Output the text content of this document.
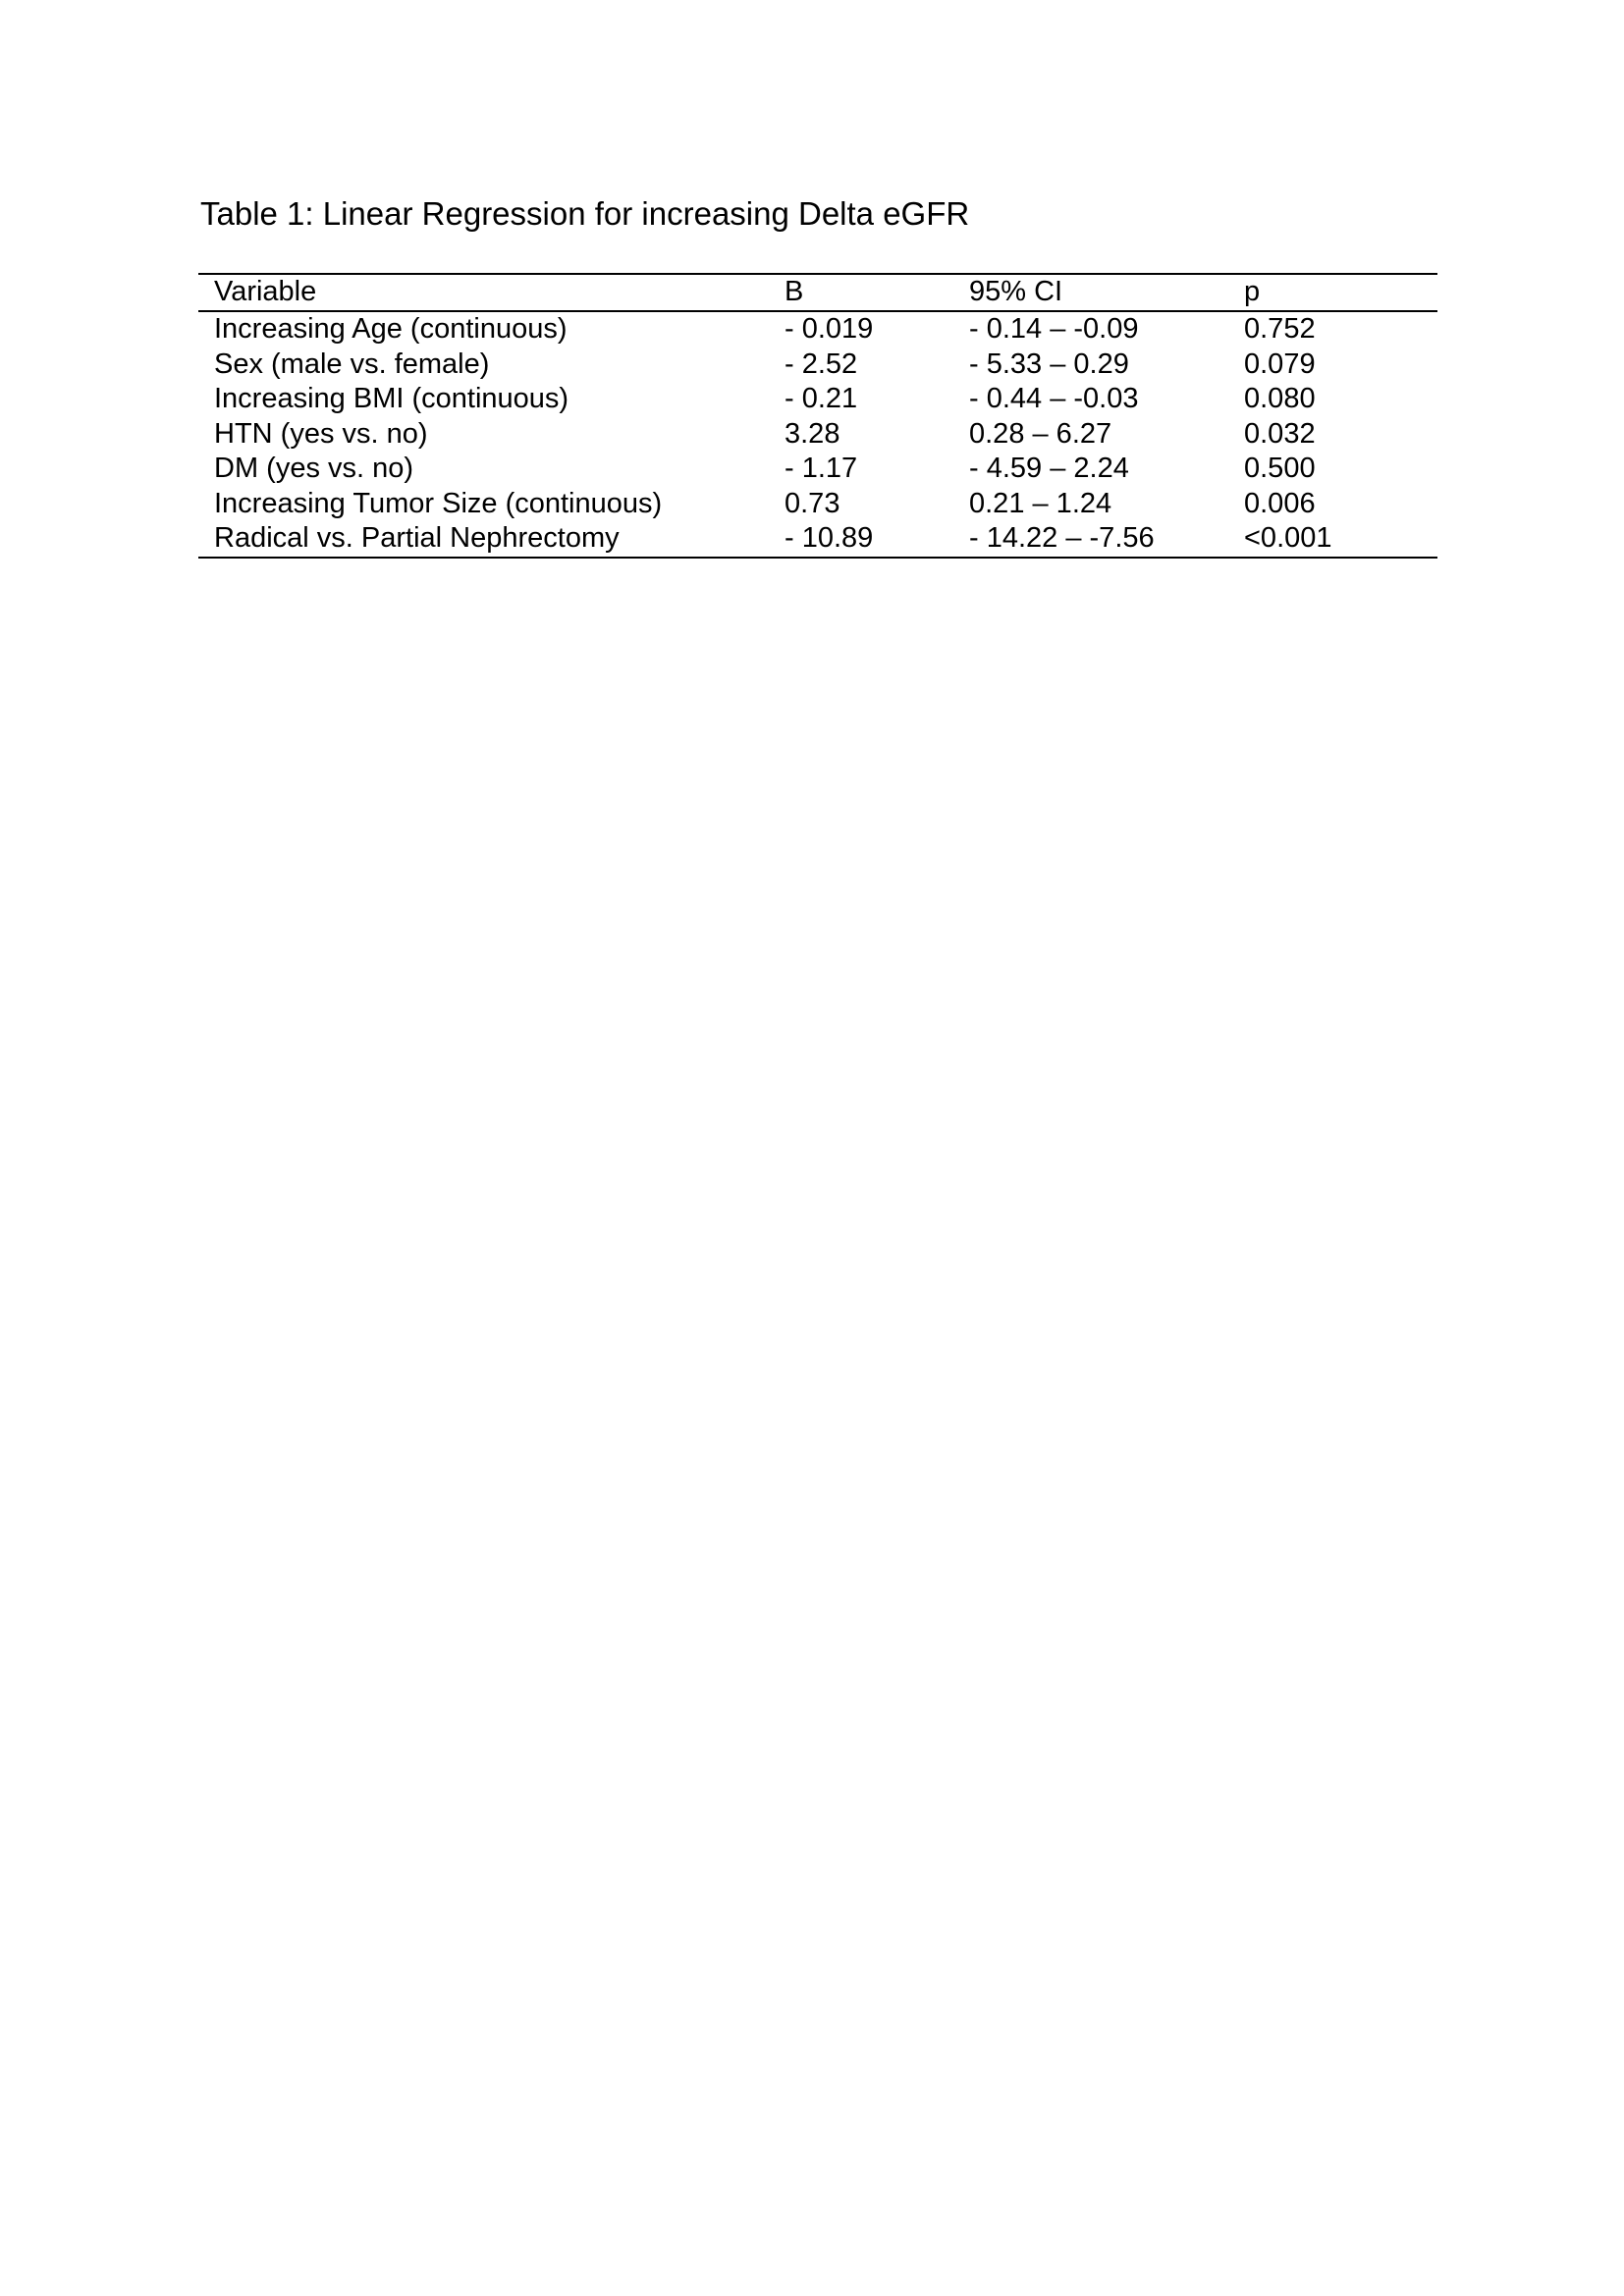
Table 1: Linear Regression for increasing Delta eGFR
Variable	B	95% CI	p
Increasing Age (continuous)	- 0.019	- 0.14 – -0.09	0.752
Sex (male vs. female)	- 2.52	- 5.33 – 0.29	0.079
Increasing BMI (continuous)	- 0.21	- 0.44 – -0.03	0.080
HTN (yes vs. no)	3.28	0.28 – 6.27	0.032
DM (yes vs. no)	- 1.17	- 4.59 – 2.24	0.500
Increasing Tumor Size (continuous)	0.73	0.21 – 1.24	0.006
Radical vs. Partial Nephrectomy	- 10.89	- 14.22 – -7.56	<0.001
